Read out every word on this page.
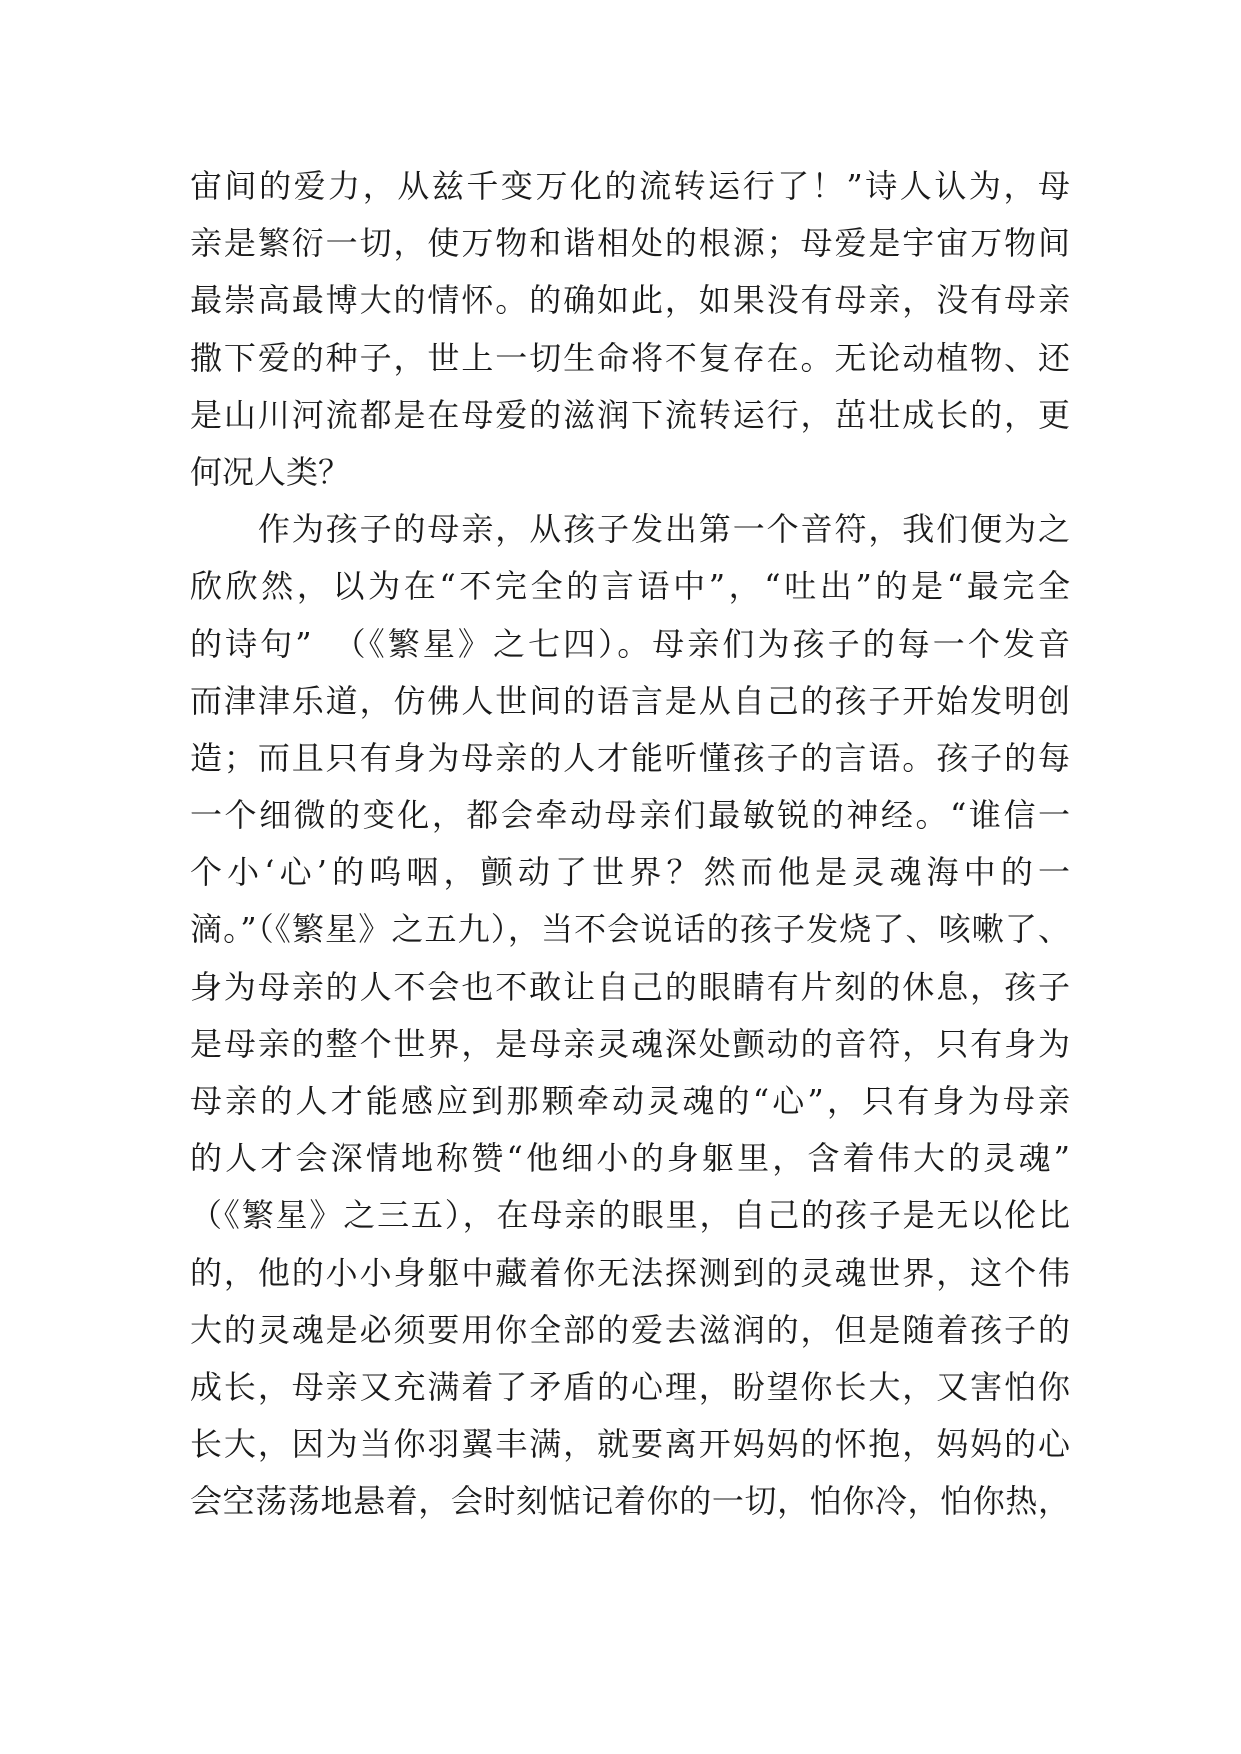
宙间的爱力，从兹千变万化的流转运行了！”诗人认为，母
亲是繁衍一切，使万物和谐相处的根源；母爱是宇宙万物间
最崇高最博大的情怀。的确如此，如果没有母亲，没有母亲
撒下爱的种子，世上一切生命将不复存在。无论动植物、还
是山川河流都是在母爱的滋润下流转运行，茁壮成长的，更
何况人类？
　　作为孩子的母亲，从孩子发出第一个音符，我们便为之
欣欣然，以为在“不完全的言语中”，“吐出”的是“最完全
的诗句”　（《繁星》之七四）。母亲们为孩子的每一个发音
而津津乐道，仿佛人世间的语言是从自己的孩子开始发明创
造；而且只有身为母亲的人才能听懂孩子的言语。孩子的每
一个细微的变化，都会牵动母亲们最敏锐的神经。“谁信一
个小‘心’的呜咽，颤动了世界？然而他是灵魂海中的一
滴。”（《繁星》之五九），当不会说话的孩子发烧了、咳嗽了、
身为母亲的人不会也不敢让自己的眼睛有片刻的休息，孩子
是母亲的整个世界，是母亲灵魂深处颤动的音符，只有身为
母亲的人才能感应到那颗牵动灵魂的“心”，只有身为母亲
的人才会深情地称赞“他细小的身躯里，含着伟大的灵魂”
（《繁星》之三五），在母亲的眼里，自己的孩子是无以伦比
的，他的小小身躯中藏着你无法探测到的灵魂世界，这个伟
大的灵魂是必须要用你全部的爱去滋润的，但是随着孩子的
成长，母亲又充满着了矛盾的心理，盼望你长大，又害怕你
长大，因为当你羽翼丰满，就要离开妈妈的怀抱，妈妈的心
会空荡荡地悬着，会时刻惦记着你的一切，怕你冷，怕你热，
